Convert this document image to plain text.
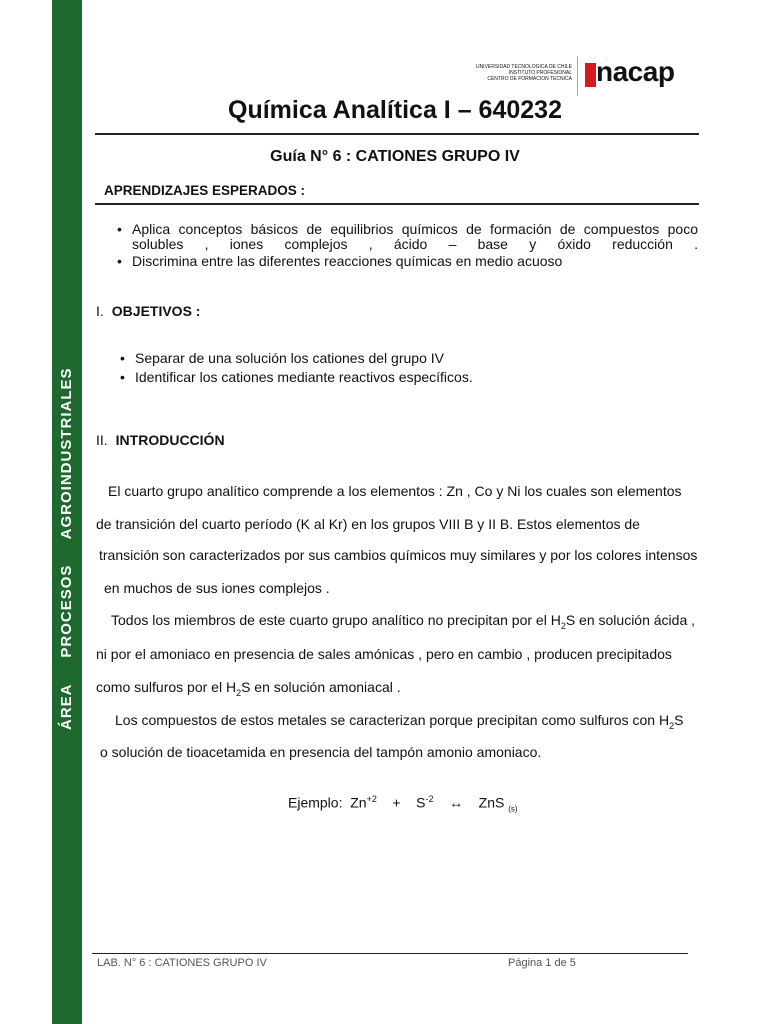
ÁREA     PROCESOS     AGROINDUSTRIALES
UNIVERSIDAD TECNOLOGICA DE CHILE
INSTITUTO PROFESIONAL
CENTRO DE FORMACION TECNICA nacap
Química Analítica I – 640232
Guía N° 6 : CATIONES GRUPO IV
APRENDIZAJES ESPERADOS :
• Aplica conceptos básicos de equilibrios químicos de formación de compuestos poco solubles , iones complejos , ácido – base y óxido reducción .
• Discrimina entre las diferentes reacciones químicas en medio acuoso
I. OBJETIVOS :
• Separar de una solución los cationes del grupo IV
• Identificar los cationes mediante reactivos específicos.
II. INTRODUCCIÓN
El cuarto grupo analítico comprende a los elementos : Zn , Co y Ni los cuales son elementos
de transición del cuarto período (K al Kr) en los grupos VIII B y II B. Estos elementos de
transición son caracterizados por sus cambios químicos muy similares y por los colores intensos
en muchos de sus iones complejos .
Todos los miembros de este cuarto grupo analítico no precipitan por el $H_2S$ en solución ácida ,
ni por el amoniaco en presencia de sales amónicas , pero en cambio , producen precipitados
como sulfuros por el $H_2S$ en solución amoniacal .
Los compuestos de estos metales se caracterizan porque precipitan como sulfuros con $H_2S$
o solución de tioacetamida en presencia del tampón amonio amoniaco.
Ejemplo: $Zn^{+2} + S^{-2}$ ↔ ZnS $_{(s)}$
LAB. N° 6 : CATIONES GRUPO IV	Página 1 de 5
